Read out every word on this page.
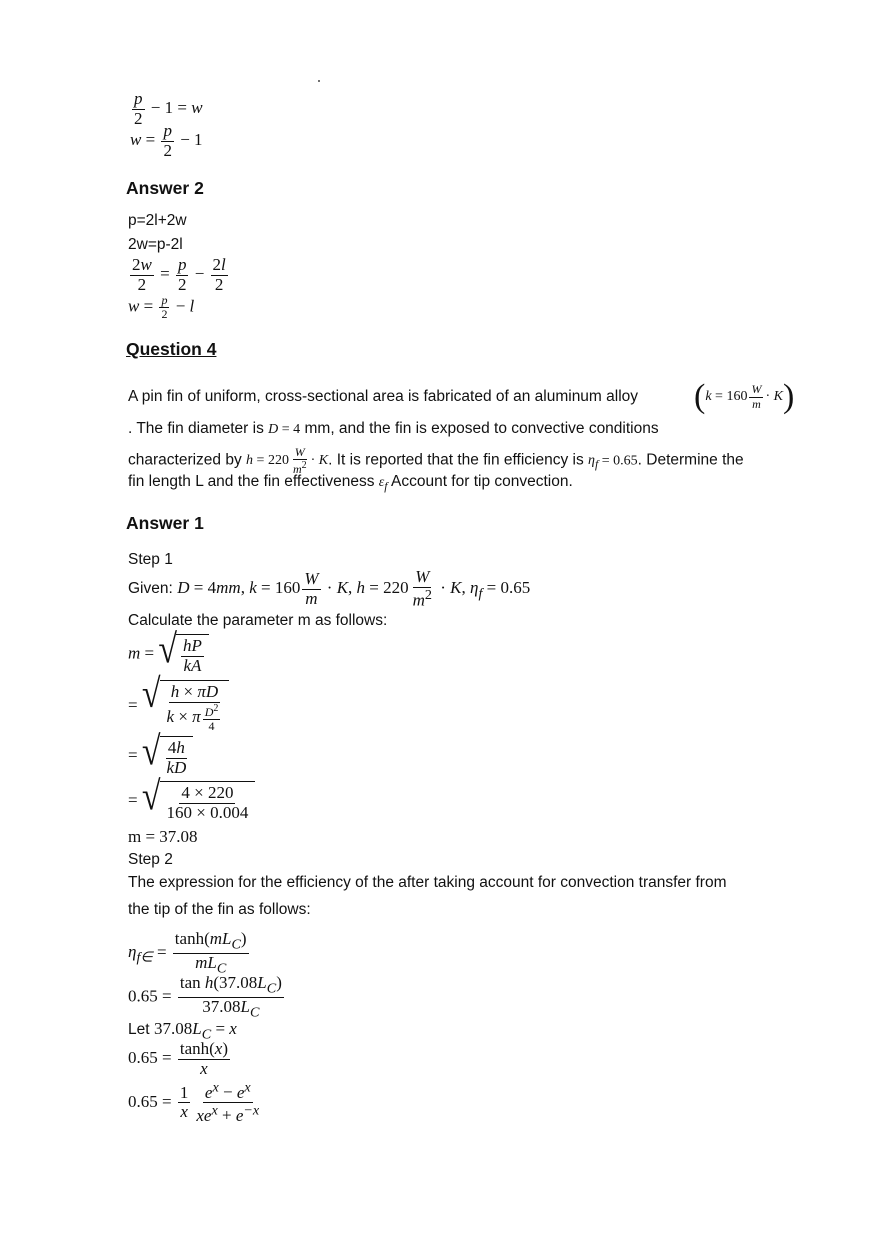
$\frac{p}{2} - 1 = w$
$w = \frac{p}{2} - 1$
Answer 2
p=2l+2w
2w=p-2l
$\frac{2w}{2} = \frac{p}{2} - \frac{2l}{2}$
$w = \frac{p}{2} - l$
Question 4
A pin fin of uniform, cross-sectional area is fabricated of an aluminum alloy $(k = 160 \frac{W}{m} \cdot K)$
. The fin diameter is D = 4 mm, and the fin is exposed to convective conditions
characterized by $h = 220 \frac{W}{m^2} \cdot K$. It is reported that the fin efficiency is $\eta_f = 0.65$. Determine the
fin length L and the fin effectiveness $\varepsilon_f$ Account for tip convection.
Answer 1
Step 1
Given: D = 4mm, $k = 160 \frac{W}{m} \cdot K$, $h = 220 \frac{W}{m^2} \cdot K$, $\eta_f = 0.65$
Calculate the parameter m as follows:
m = √ $\frac{hP}{kA}$
= √ $\frac{h \times \pi D}{k \times \pi \frac{D^2}{4}}$
= √ $\frac{4h}{kD}$
= √ $\frac{4 \times 220}{160 \times 0.004}$
m = 37.08
Step 2
The expression for the efficiency of the after taking account for convection transfer from
the tip of the fin as follows:
$\eta_{f\in} = \frac{\tanh(mL_C)}{mL_C}$
$0.65 = \frac{\tan h(37.08L_C)}{37.08L_C}$
Let $37.08L_C = x$
$0.65 = \frac{\tanh(x)}{x}$
$0.65 = \frac{1}{x} \frac{e^x - e^x}{xe^x + e^{-x}}$
